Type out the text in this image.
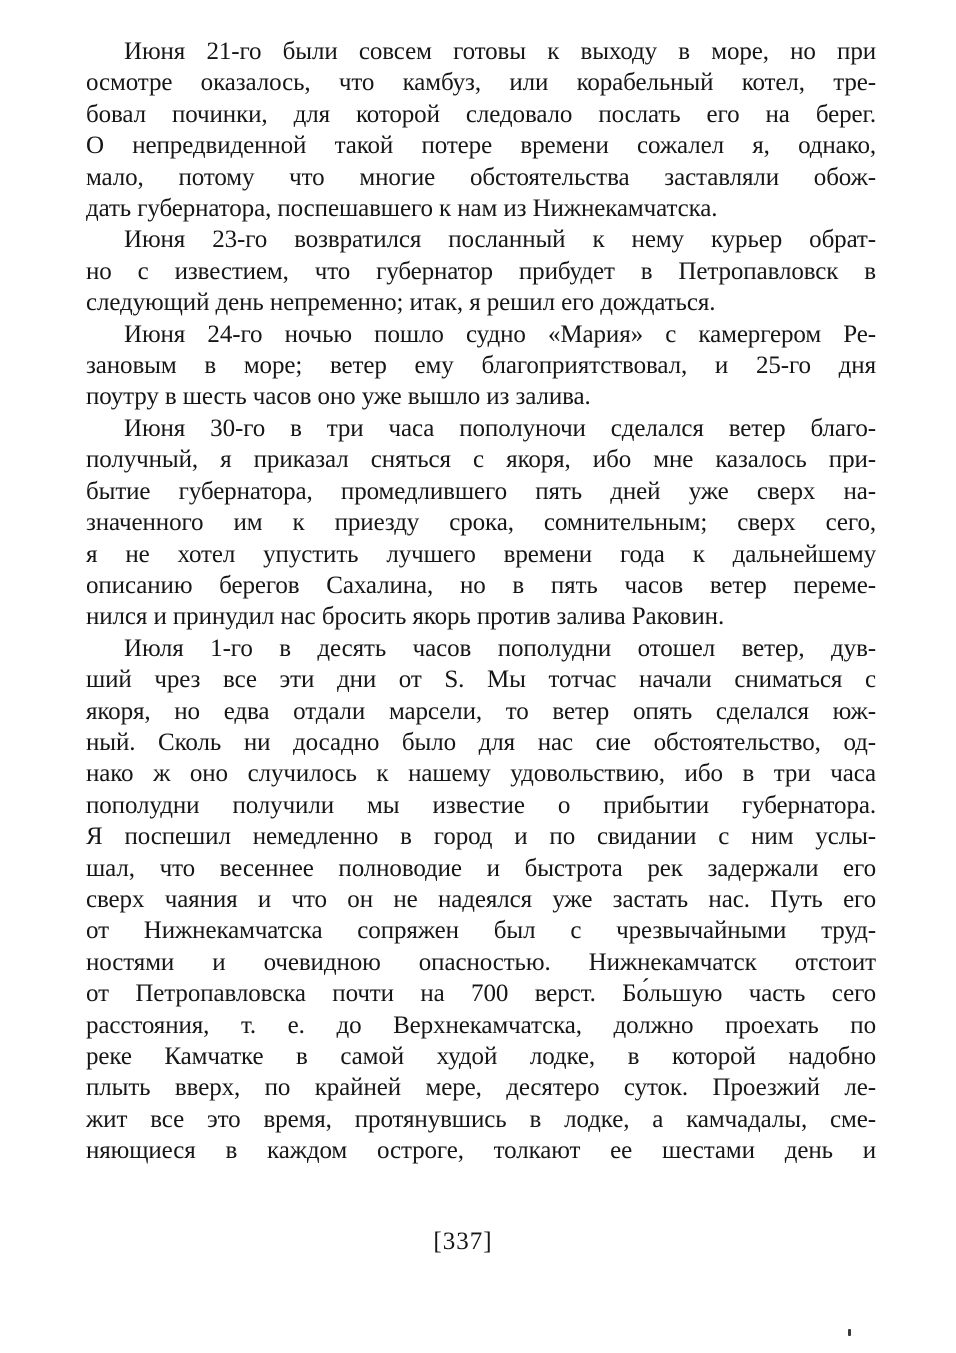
Июня 21-го были совсем готовы к выходу в море, но при
осмотре оказалось, что камбуз, или корабельный котел, тре-
бовал починки, для которой следовало послать его на берег.
О непредвиденной такой потере времени сожалел я, однако,
мало, потому что многие обстоятельства заставляли обож-
дать губернатора, поспешавшего к нам из Нижнекамчатска.
Июня 23-го возвратился посланный к нему курьер обрат-
но с известием, что губернатор прибудет в Петропавловск в
следующий день непременно; итак, я решил его дождаться.
Июня 24-го ночью пошло судно «Мария» с камергером Ре-
зановым в море; ветер ему благоприятствовал, и 25-го дня
поутру в шесть часов оно уже вышло из залива.
Июня 30-го в три часа пополуночи сделался ветер благо-
получный, я приказал сняться с якоря, ибо мне казалось при-
бытие губернатора, промедлившего пять дней уже сверх на-
значенного им к приезду срока, сомнительным; сверх сего,
я не хотел упустить лучшего времени года к дальнейшему
описанию берегов Сахалина, но в пять часов ветер переме-
нился и принудил нас бросить якорь против залива Раковин.
Июля 1-го в десять часов пополудни отошел ветер, дув-
ший чрез все эти дни от S. Мы тотчас начали сниматься с
якоря, но едва отдали марсели, то ветер опять сделался юж-
ный. Сколь ни досадно было для нас сие обстоятельство, од-
нако ж оно случилось к нашему удовольствию, ибо в три часа
пополудни получили мы известие о прибытии губернатора.
Я поспешил немедленно в город и по свидании с ним услы-
шал, что весеннее полноводие и быстрота рек задержали его
сверх чаяния и что он не надеялся уже застать нас. Путь его
от Нижнекамчатска сопряжен был с чрезвычайными труд-
ностями и очевидною опасностью. Нижнекамчатск отстоит
от Петропавловска почти на 700 верст. Бо́льшую часть сего
расстояния, т. е. до Верхнекамчатска, должно проехать по
реке Камчатке в самой худой лодке, в которой надобно
плыть вверх, по крайней мере, десятеро суток. Проезжий ле-
жит все это время, протянувшись в лодке, а камчадалы, сме-
няющиеся в каждом остроге, толкают ее шестами день и
[337]
